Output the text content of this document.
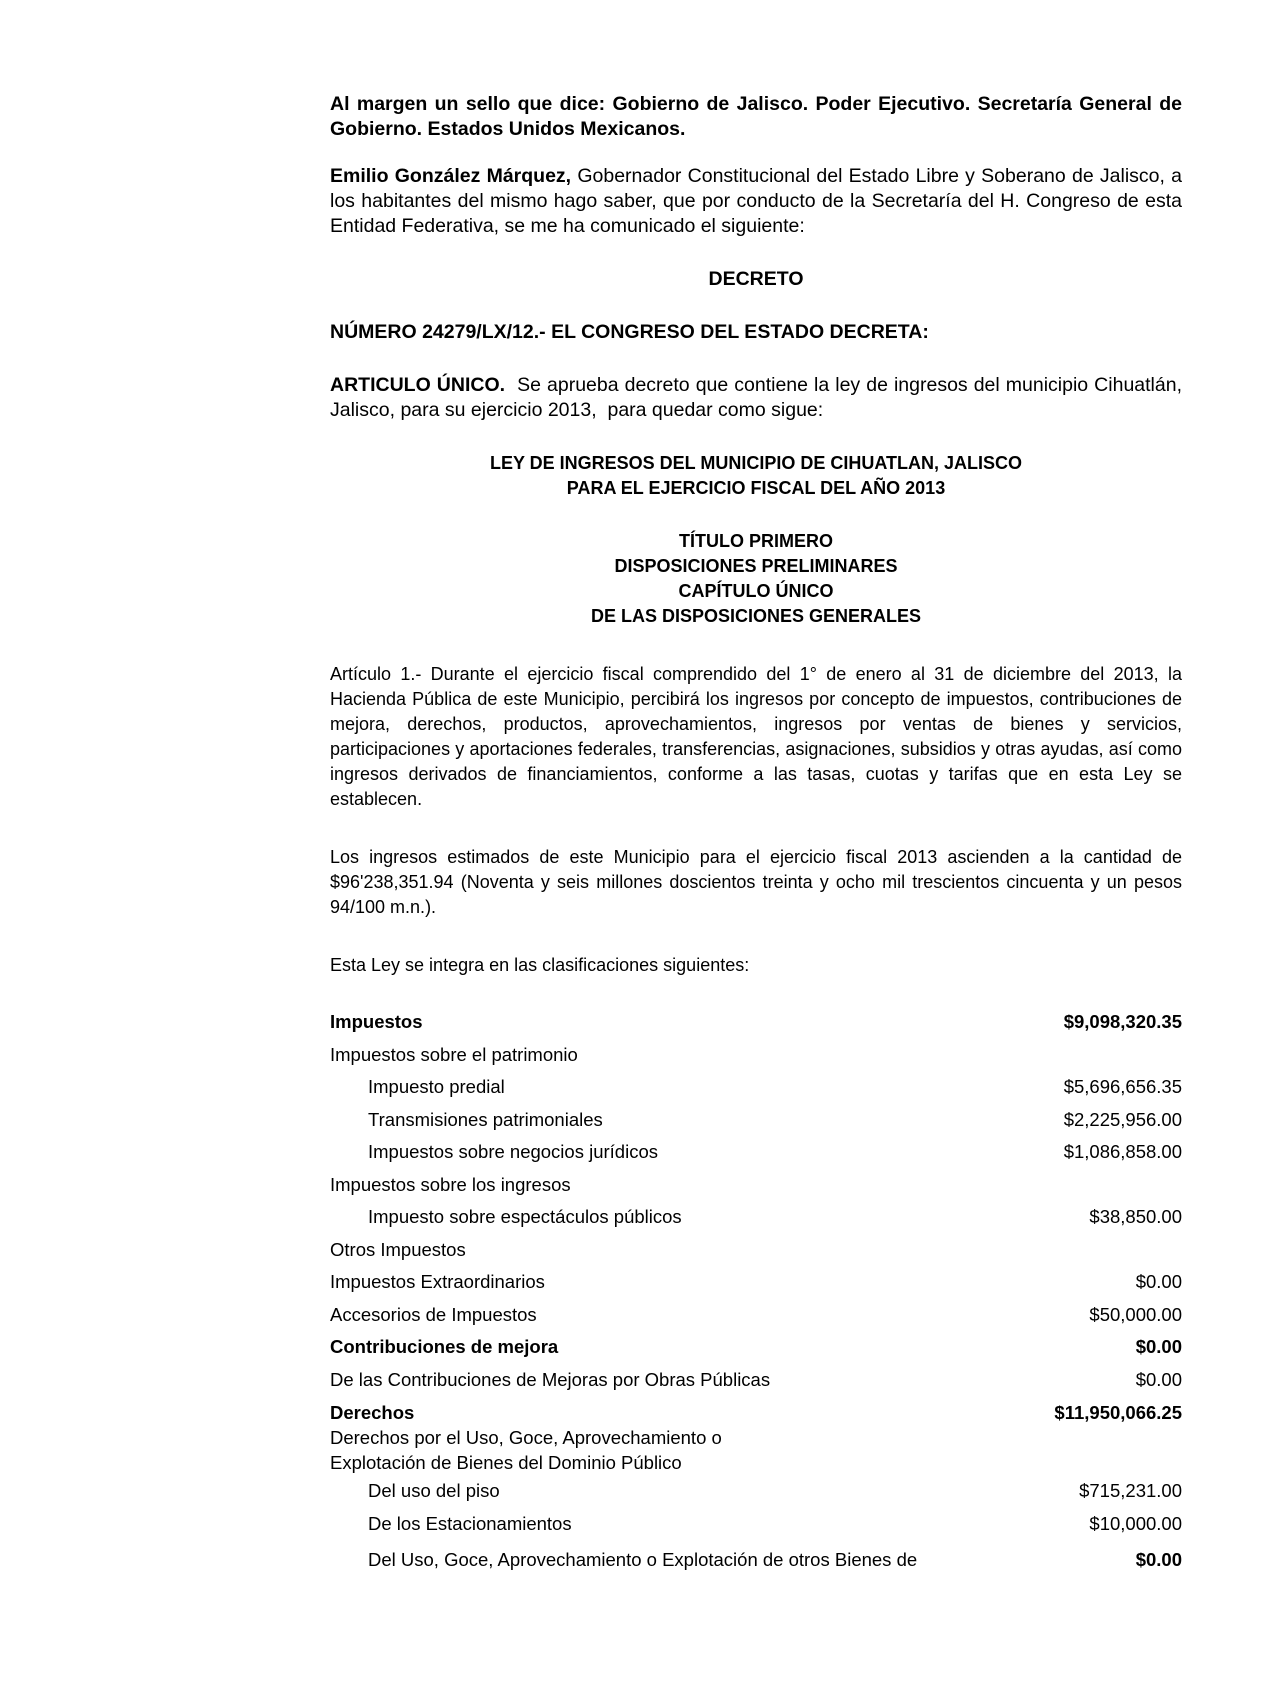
Al margen un sello que dice: Gobierno de Jalisco. Poder Ejecutivo. Secretaría General de Gobierno. Estados Unidos Mexicanos.

Emilio González Márquez, Gobernador Constitucional del Estado Libre y Soberano de Jalisco, a los habitantes del mismo hago saber, que por conducto de la Secretaría del H. Congreso de esta Entidad Federativa, se me ha comunicado el siguiente:

DECRETO

NÚMERO 24279/LX/12.- EL CONGRESO DEL ESTADO DECRETA:

ARTICULO ÚNICO.  Se aprueba decreto que contiene la ley de ingresos del municipio Cihuatlán,  Jalisco, para su ejercicio 2013,  para quedar como sigue:

LEY DE INGRESOS DEL MUNICIPIO DE CIHUATLAN, JALISCO

PARA EL EJERCICIO FISCAL DEL AÑO 2013

TÍTULO PRIMERO

DISPOSICIONES PRELIMINARES

CAPÍTULO ÚNICO

DE LAS DISPOSICIONES GENERALES

Artículo 1.- Durante el ejercicio fiscal comprendido del 1° de enero al 31 de diciembre del 2013, la Hacienda Pública de este Municipio, percibirá los ingresos por concepto de impuestos, contribuciones de mejora, derechos, productos, aprovechamientos, ingresos por ventas de bienes y servicios, participaciones y aportaciones federales, transferencias, asignaciones, subsidios y otras ayudas, así como ingresos derivados de financiamientos, conforme a las tasas, cuotas y tarifas que en esta Ley se establecen.

Los ingresos estimados de este Municipio para el ejercicio fiscal 2013 ascienden a la cantidad de $96'238,351.94 (Noventa y seis millones doscientos treinta y ocho mil trescientos cincuenta y un pesos 94/100 m.n.).

Esta Ley se integra en las clasificaciones siguientes:

Impuestos	$9,098,320.35
Impuestos sobre el patrimonio	
Impuesto predial	$5,696,656.35
Transmisiones patrimoniales	$2,225,956.00
Impuestos sobre negocios jurídicos	$1,086,858.00
Impuestos sobre los ingresos	
Impuesto sobre espectáculos públicos	$38,850.00
Otros Impuestos	
Impuestos Extraordinarios	$0.00
Accesorios de Impuestos	$50,000.00
Contribuciones de mejora	$0.00
De las Contribuciones de Mejoras por Obras Públicas	$0.00
Derechos	$11,950,066.25
Derechos por el Uso, Goce, Aprovechamiento o Explotación de Bienes del Dominio Público	
Del uso del piso	$715,231.00
De los Estacionamientos	$10,000.00
Del Uso, Goce, Aprovechamiento o Explotación de otros Bienes de	$0.00
